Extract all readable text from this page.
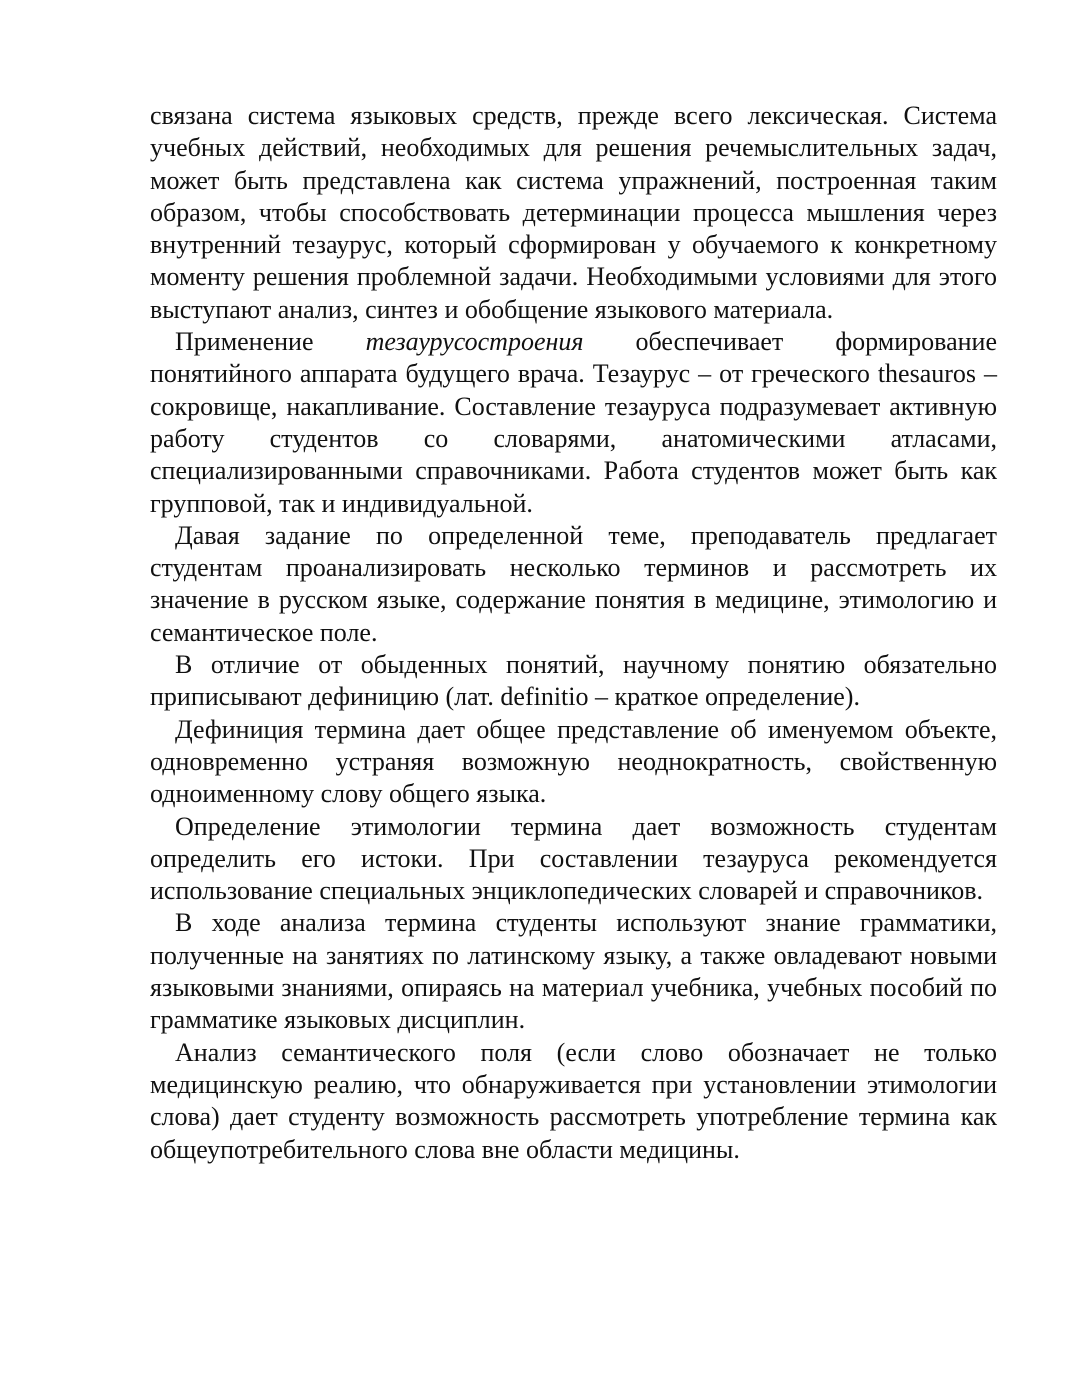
связана система языковых средств, прежде всего лексическая. Система учебных действий, необходимых для решения речемыслительных задач, может быть представлена как система упражнений, построенная таким образом, чтобы способствовать детерминации процесса мышления через внутренний тезаурус, который сформирован у обучаемого к конкретному моменту решения проблемной задачи. Необходимыми условиями для этого выступают анализ, синтез и обобщение языкового материала.

Применение тезаурусостроения обеспечивает формирование понятийного аппарата будущего врача. Тезаурус – от греческого thesauros – сокровище, накапливание. Составление тезауруса подразумевает активную работу студентов со словарями, анатомическими атласами, специализированными справочниками. Работа студентов может быть как групповой, так и индивидуальной.

Давая задание по определенной теме, преподаватель предлагает студентам проанализировать несколько терминов и рассмотреть их значение в русском языке, содержание понятия в медицине, этимологию и семантическое поле.

В отличие от обыденных понятий, научному понятию обязательно приписывают дефиницию (лат. definitio – краткое определение).

Дефиниция термина дает общее представление об именуемом объекте, одновременно устраняя возможную неоднократность, свойственную одноименному слову общего языка.

Определение этимологии термина дает возможность студентам определить его истоки. При составлении тезауруса рекомендуется использование специальных энциклопедических словарей и справочников.

В ходе анализа термина студенты используют знание грамматики, полученные на занятиях по латинскому языку, а также овладевают новыми языковыми знаниями, опираясь на материал учебника, учебных пособий по грамматике языковых дисциплин.

Анализ семантического поля (если слово обозначает не только медицинскую реалию, что обнаруживается при установлении этимологии слова) дает студенту возможность рассмотреть употребление термина как общеупотребительного слова вне области медицины.
